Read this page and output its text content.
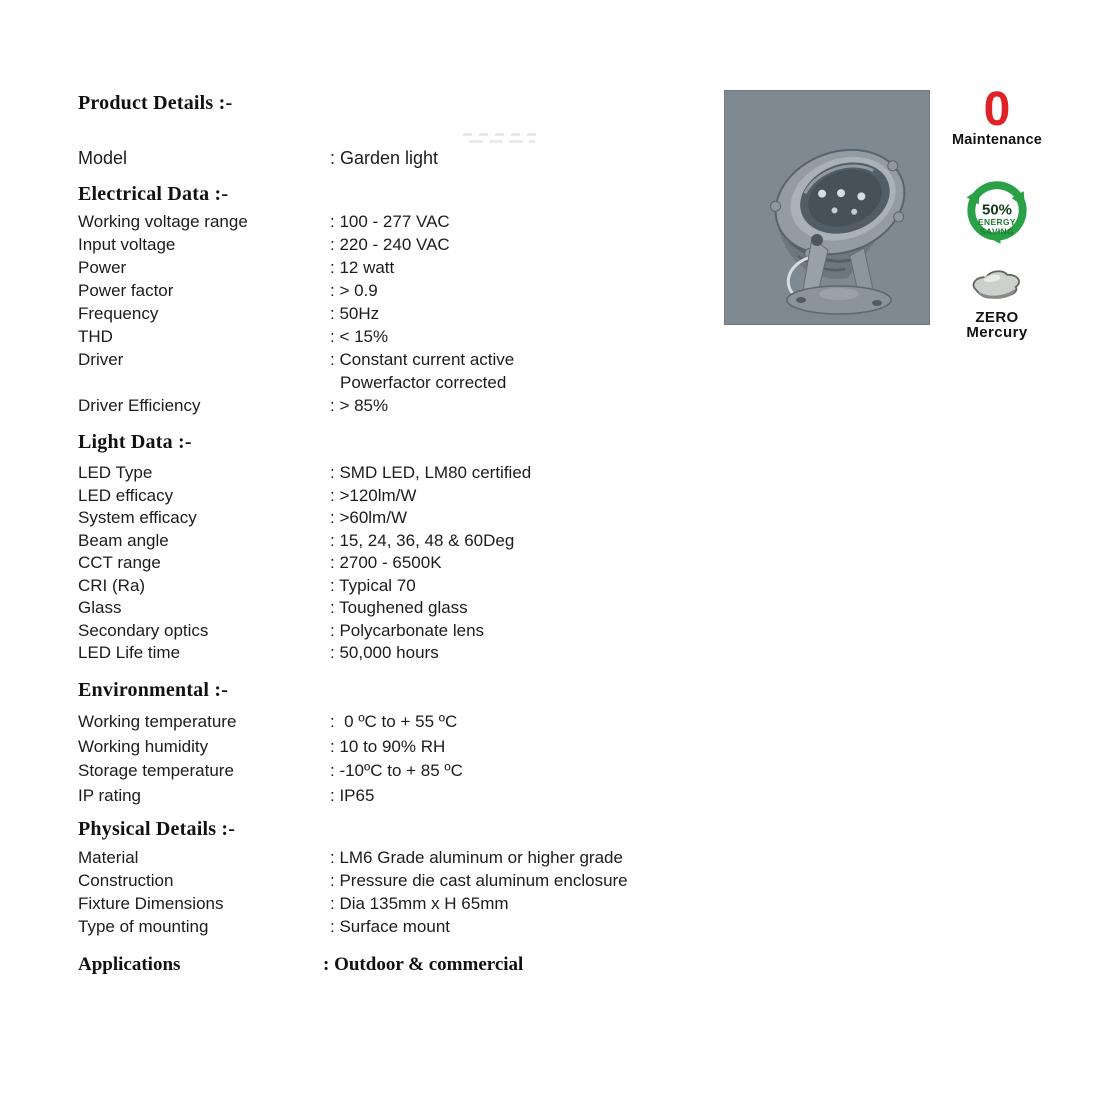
Product Details :-
Model	: Garden light
Electrical Data :-
Working voltage range	: 100 - 277 VAC
Input voltage	: 220 - 240 VAC
Power	: 12 watt
Power factor	: > 0.9
Frequency	: 50Hz
THD	: < 15%
Driver	: Constant current active
Powerfactor corrected
Driver Efficiency	: > 85%
Light Data :-
LED Type	: SMD LED, LM80 certified
LED efficacy	: >120lm/W
System efficacy	: >60lm/W
Beam angle	: 15, 24, 36, 48 & 60Deg
CCT range	: 2700 - 6500K
CRI (Ra)	: Typical 70
Glass	: Toughened glass
Secondary optics	: Polycarbonate lens
LED Life time	: 50,000 hours
Environmental :-
Working temperature	:  0 ºC to + 55 ºC
Working humidity	: 10 to 90% RH
Storage temperature	: -10ºC to + 85 ºC
IP rating	: IP65
Physical Details :-
Material	: LM6 Grade aluminum or higher grade
Construction	: Pressure die cast aluminum enclosure
Fixture Dimensions	: Dia 135mm x H 65mm
Type of mounting	: Surface mount
Applications	: Outdoor & commercial
0
Maintenance
50%
ENERGY
SAVING
ZERO
Mercury
